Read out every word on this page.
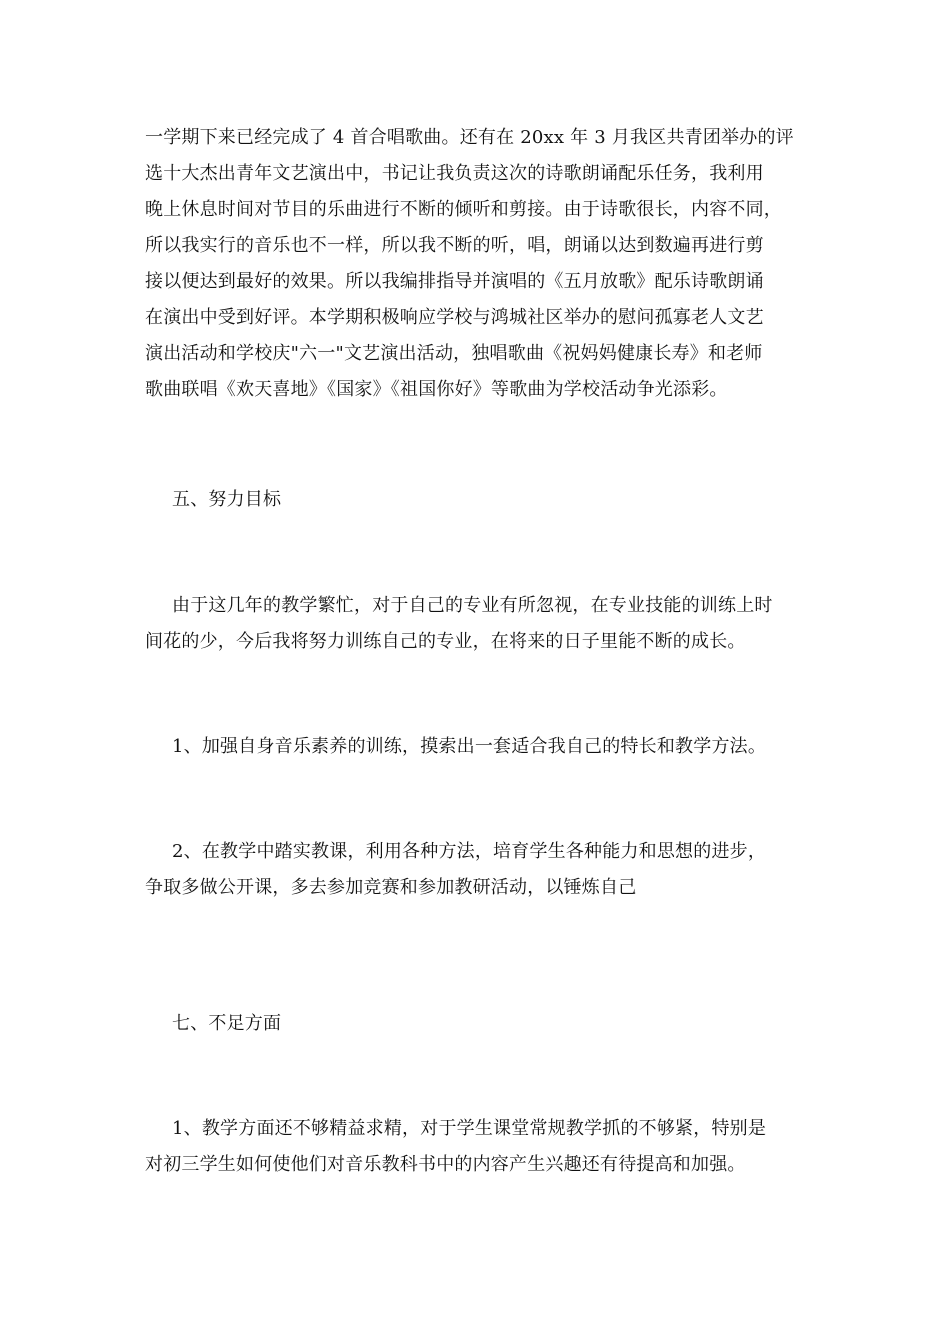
一学期下来已经完成了 4 首合唱歌曲。还有在 20xx 年 3 月我区共青团举办的评
选十大杰出青年文艺演出中，书记让我负责这次的诗歌朗诵配乐任务，我利用
晚上休息时间对节目的乐曲进行不断的倾听和剪接。由于诗歌很长，内容不同，
所以我实行的音乐也不一样，所以我不断的听，唱，朗诵以达到数遍再进行剪
接以便达到最好的效果。所以我编排指导并演唱的《五月放歌》配乐诗歌朗诵
在演出中受到好评。本学期积极响应学校与鸿城社区举办的慰问孤寡老人文艺
演出活动和学校庆"六一"文艺演出活动，独唱歌曲《祝妈妈健康长寿》和老师
歌曲联唱《欢天喜地》《国家》《祖国你好》等歌曲为学校活动争光添彩。
五、努力目标
由于这几年的教学繁忙，对于自己的专业有所忽视，在专业技能的训练上时
间花的少，今后我将努力训练自己的专业，在将来的日子里能不断的成长。
1、加强自身音乐素养的训练，摸索出一套适合我自己的特长和教学方法。
2、在教学中踏实教课，利用各种方法，培育学生各种能力和思想的进步，
争取多做公开课，多去参加竞赛和参加教研活动，以锤炼自己
七、不足方面
1、教学方面还不够精益求精，对于学生课堂常规教学抓的不够紧，特别是
对初三学生如何使他们对音乐教科书中的内容产生兴趣还有待提高和加强。
